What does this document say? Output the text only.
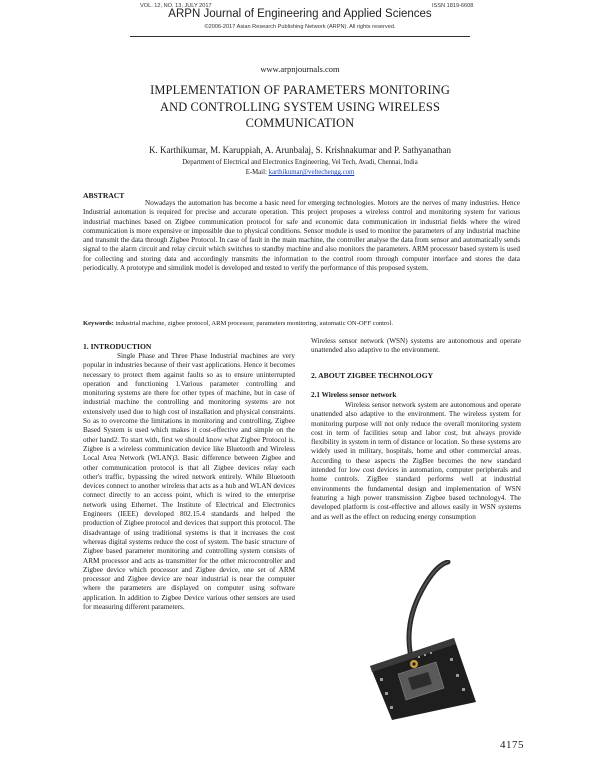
VOL. 12, NO. 13, JULY 2017	ISSN 1819-6608
ARPN Journal of Engineering and Applied Sciences
©2006-2017 Asian Research Publishing Network (ARPN). All rights reserved.
www.arpnjournals.com
IMPLEMENTATION OF PARAMETERS MONITORING
AND CONTROLLING SYSTEM USING WIRELESS
COMMUNICATION
K. Karthikumar, M. Karuppiah, A. Arunbalaj, S. Krishnakumar and P. Sathyanathan
Department of Electrical and Electronics Engineering, Vel Tech, Avadi, Chennai, India
E-Mail: karthikumar@veltechengg.com
ABSTRACT
Nowadays the automation has become a basic need for emerging technologies. Motors are the nerves of many industries. Hence Industrial automation is required for precise and accurate operation. This project proposes a wireless control and monitoring system for various industrial machines based on Zigbee communication protocol for safe and economic data communication in industrial fields where the wired communication is more expensive or impossible due to physical conditions. Sensor module is used to monitor the parameters of any industrial machine and transmit the data through Zigbee Protocol. In case of fault in the main machine, the controller analyse the data from sensor and automatically sends signal to the alarm circuit and relay circuit which switches to standby machine and also monitors the parameters. ARM processor based system is used for collecting and storing data and accordingly transmits the information to the control room through computer interface and stores the data periodically. A prototype and simulink model is developed and tested to verify the performance of this proposed system.
Keywords: industrial machine, zigbee protocol, ARM processor, parameters monitoring, automatic ON-OFF control.
1. INTRODUCTION
Single Phase and Three Phase Industrial machines are very popular in industries because of their vast applications. Hence it becomes necessary to protect them against faults so as to ensure uninterrupted operation and functioning 1.Various parameter controlling and monitoring systems are there for other types of machine, but in case of industrial machine the controlling and monitoring systems are not extensively used due to high cost of installation and physical constraints. So as to overcome the limitations in monitoring and controlling, Zigbee Based System is used which makes it cost-effective and simple on the other hand2. To start with, first we should know what Zigbee Protocol is. Zigbee is a wireless communication device like Bluetooth and Wireless Local Area Network (WLAN)3. Basic difference between Zigbee and other communication protocol is that all Zigbee devices relay each other's traffic, bypassing the wired network entirely. While Bluetooth devices connect to another wireless that acts as a hub and WLAN devices connect directly to an access point, which is wired to the enterprise network using Ethernet. The Institute of Electrical and Electronics Engineers (IEEE) developed 802.15.4 standards and helped the production of Zigbee protocol and devices that support this protocol. The disadvantage of using traditional systems is that it increases the cost whereas digital systems reduce the cost of system. The basic structure of Zigbee based parameter monitoring and controlling system consists of ARM processor and acts as transmitter for the other microcontroller and Zigbee device which processor and Zigbee device, one set of ARM processor and Zigbee device are near industrial is near the computer where the parameters are displayed on computer using software application. In addition to Zigbee Device various other sensors are used for measuring different parameters.
Wireless sensor network (WSN) systems are autonomous and operate unattended also adaptive to the environment.
2. ABOUT ZIGBEE TECHNOLOGY
2.1 Wireless sensor network
Wireless sensor network system are autonomous and operate unattended also adaptive to the environment. The wireless system for monitoring purpose will not only reduce the overall monitoring system cost in term of facilities setup and labor cost, but always provide flexibility in system in term of distance or location. So these systems are widely used in military, hospitals, home and other commercial areas. According to these aspects the ZigBee becomes the new standard intended for low cost devices in automation, computer peripherals and home controls. ZigBee standard performs well at industrial environments the fundamental design and implementation of WSN featuring a high power transmission Zigbee based technology4. The developed platform is cost-effective and allows easily in WSN systems and as well as the effect on reducing energy consumption
4175
